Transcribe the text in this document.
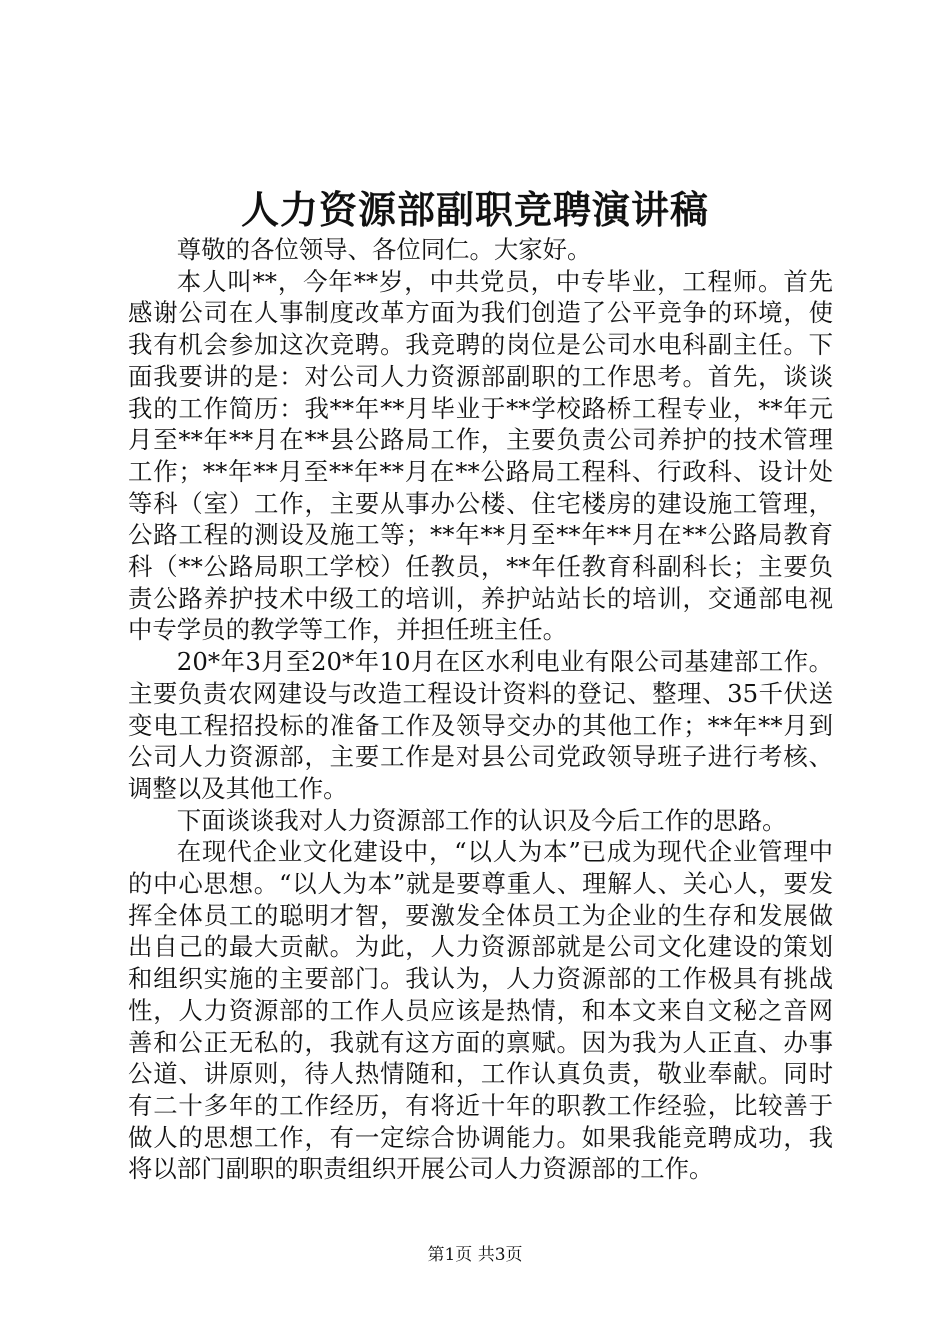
人力资源部副职竞聘演讲稿

尊敬的各位领导、各位同仁。大家好。

本人叫**，今年**岁，中共党员，中专毕业，工程师。首先感谢公司在人事制度改革方面为我们创造了公平竞争的环境，使我有机会参加这次竞聘。我竞聘的岗位是公司水电科副主任。下面我要讲的是：对公司人力资源部副职的工作思考。首先，谈谈我的工作简历：我**年**月毕业于**学校路桥工程专业，**年元月至**年**月在**县公路局工作，主要负责公司养护的技术管理工作；**年**月至**年**月在**公路局工程科、行政科、设计处等科（室）工作，主要从事办公楼、住宅楼房的建设施工管理，公路工程的测设及施工等；**年**月至**年**月在**公路局教育科（**公路局职工学校）任教员，**年任教育科副科长；主要负责公路养护技术中级工的培训，养护站站长的培训，交通部电视中专学员的教学等工作，并担任班主任。

20*年3月至20*年10月在区水利电业有限公司基建部工作。主要负责农网建设与改造工程设计资料的登记、整理、35千伏送变电工程招投标的准备工作及领导交办的其他工作；**年**月到公司人力资源部，主要工作是对县公司党政领导班子进行考核、调整以及其他工作。

下面谈谈我对人力资源部工作的认识及今后工作的思路。

在现代企业文化建设中，“以人为本”已成为现代企业管理中的中心思想。“以人为本”就是要尊重人、理解人、关心人，要发挥全体员工的聪明才智，要激发全体员工为企业的生存和发展做出自己的最大贡献。为此，人力资源部就是公司文化建设的策划和组织实施的主要部门。我认为，人力资源部的工作极具有挑战性，人力资源部的工作人员应该是热情，和本文来自文秘之音网善和公正无私的，我就有这方面的禀赋。因为我为人正直、办事公道、讲原则，待人热情随和，工作认真负责，敬业奉献。同时有二十多年的工作经历，有将近十年的职教工作经验，比较善于做人的思想工作，有一定综合协调能力。如果我能竞聘成功，我将以部门副职的职责组织开展公司人力资源部的工作。

第1页 共3页
